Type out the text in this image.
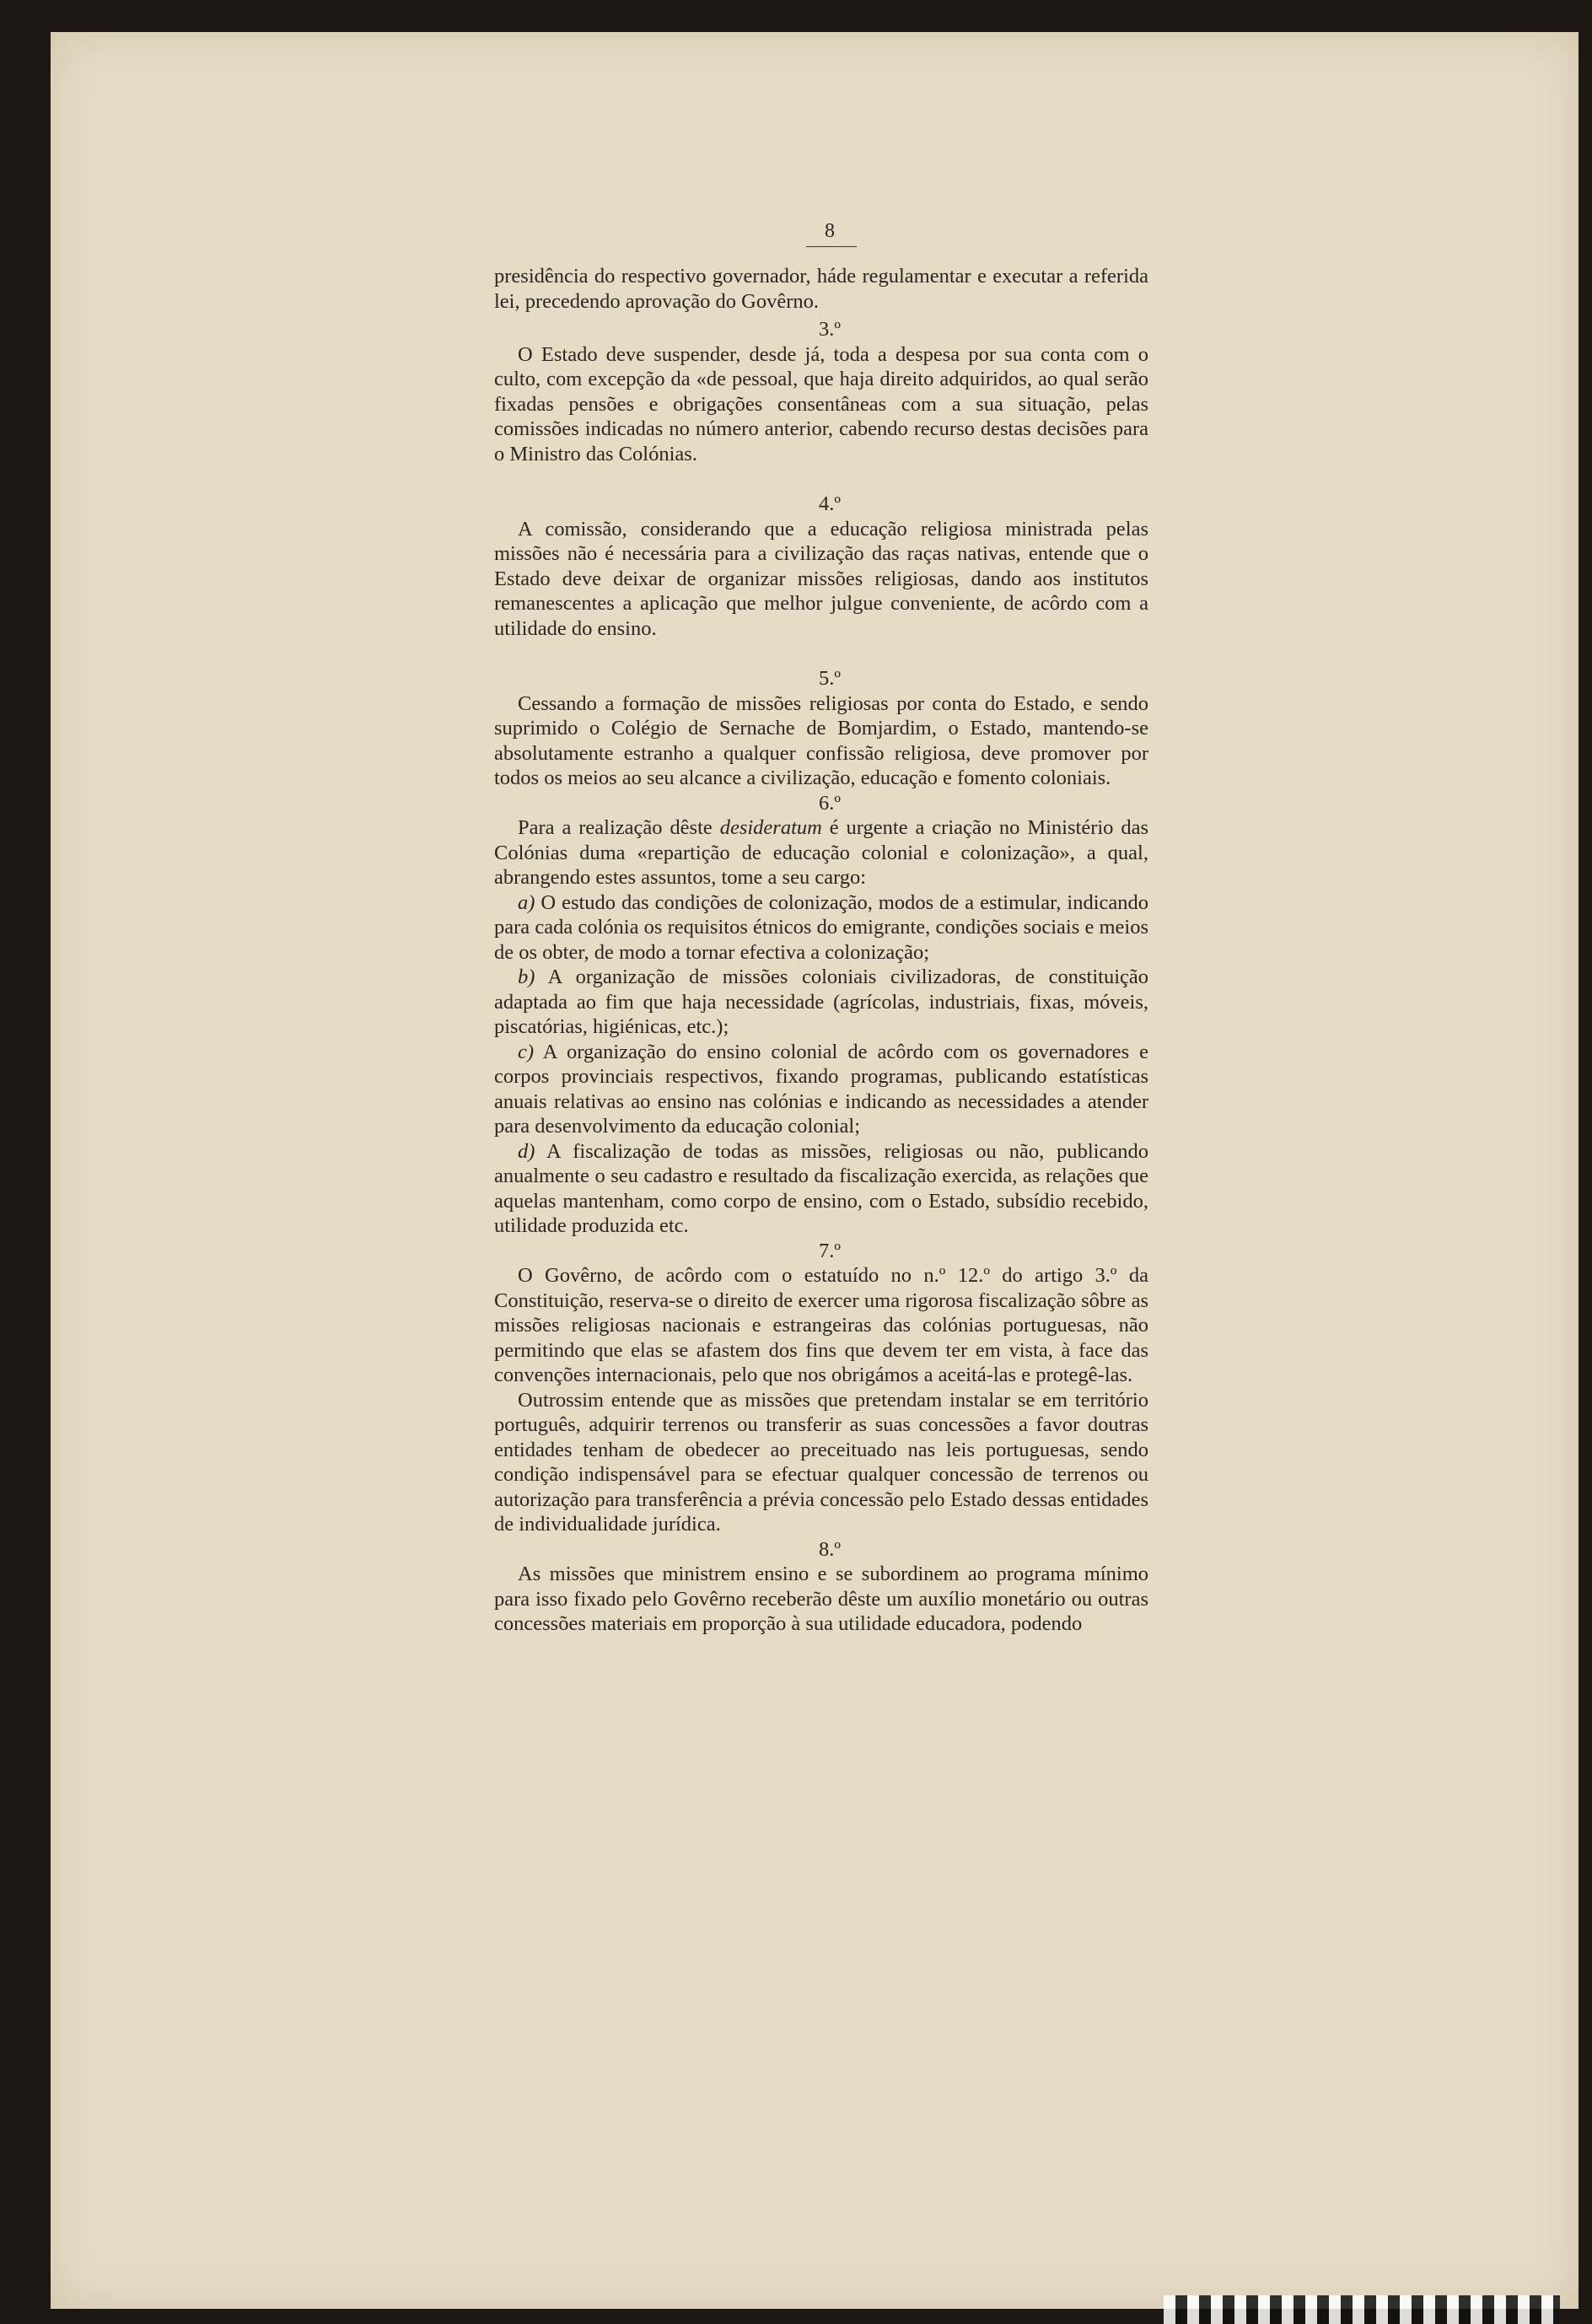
8

presidência do respectivo governador, háde regulamentar e executar a referida lei, precedendo aprovação do Govêrno.

3.º

O Estado deve suspender, desde já, toda a despesa por sua conta com o culto, com excepção da «de pessoal, que haja direito adquiridos, ao qual serão fixadas pensões e obrigações consentâneas com a sua situação, pelas comissões indicadas no número anterior, cabendo recurso destas decisões para o Ministro das Colónias.

4.º

A comissão, considerando que a educação religiosa ministrada pelas missões não é necessária para a civilização das raças nativas, entende que o Estado deve deixar de organizar missões religiosas, dando aos institutos remanescentes a aplicação que melhor julgue conveniente, de acôrdo com a utilidade do ensino.

5.º

Cessando a formação de missões religiosas por conta do Estado, e sendo suprimido o Colégio de Sernache de Bomjardim, o Estado, mantendo-se absolutamente estranho a qualquer confissão religiosa, deve promover por todos os meios ao seu alcance a civilização, educação e fomento coloniais.

6.º

Para a realização dêste desideratum é urgente a criação no Ministério das Colónias duma «repartição de educação colonial e colonização», a qual, abrangendo estes assuntos, tome a seu cargo:

a) O estudo das condições de colonização, modos de a estimular, indicando para cada colónia os requisitos étnicos do emigrante, condições sociais e meios de os obter, de modo a tornar efectiva a colonização;

b) A organização de missões coloniais civilizadoras, de constituição adaptada ao fim que haja necessidade (agrícolas, industriais, fixas, móveis, piscatórias, higiénicas, etc.);

c) A organização do ensino colonial de acôrdo com os governadores e corpos provinciais respectivos, fixando programas, publicando estatísticas anuais relativas ao ensino nas colónias e indicando as necessidades a atender para desenvolvimento da educação colonial;

d) A fiscalização de todas as missões, religiosas ou não, publicando anualmente o seu cadastro e resultado da fiscalização exercida, as relações que aquelas mantenham, como corpo de ensino, com o Estado, subsídio recebido, utilidade produzida etc.

7.º

O Govêrno, de acôrdo com o estatuído no n.º 12.º do artigo 3.º da Constituição, reserva-se o direito de exercer uma rigorosa fiscalização sôbre as missões religiosas nacionais e estrangeiras das colónias portuguesas, não permitindo que elas se afastem dos fins que devem ter em vista, à face das convenções internacionais, pelo que nos obrigámos a aceitá-las e protegê-las.

Outrossim entende que as missões que pretendam instalar se em território português, adquirir terrenos ou transferir as suas concessões a favor doutras entidades tenham de obedecer ao preceituado nas leis portuguesas, sendo condição indispensável para se efectuar qualquer concessão de terrenos ou autorização para transferência a prévia concessão pelo Estado dessas entidades de individualidade jurídica.

8.º

As missões que ministrem ensino e se subordinem ao programa mínimo para isso fixado pelo Govêrno receberão dêste um auxílio monetário ou outras concessões materiais em proporção à sua utilidade educadora, podendo
